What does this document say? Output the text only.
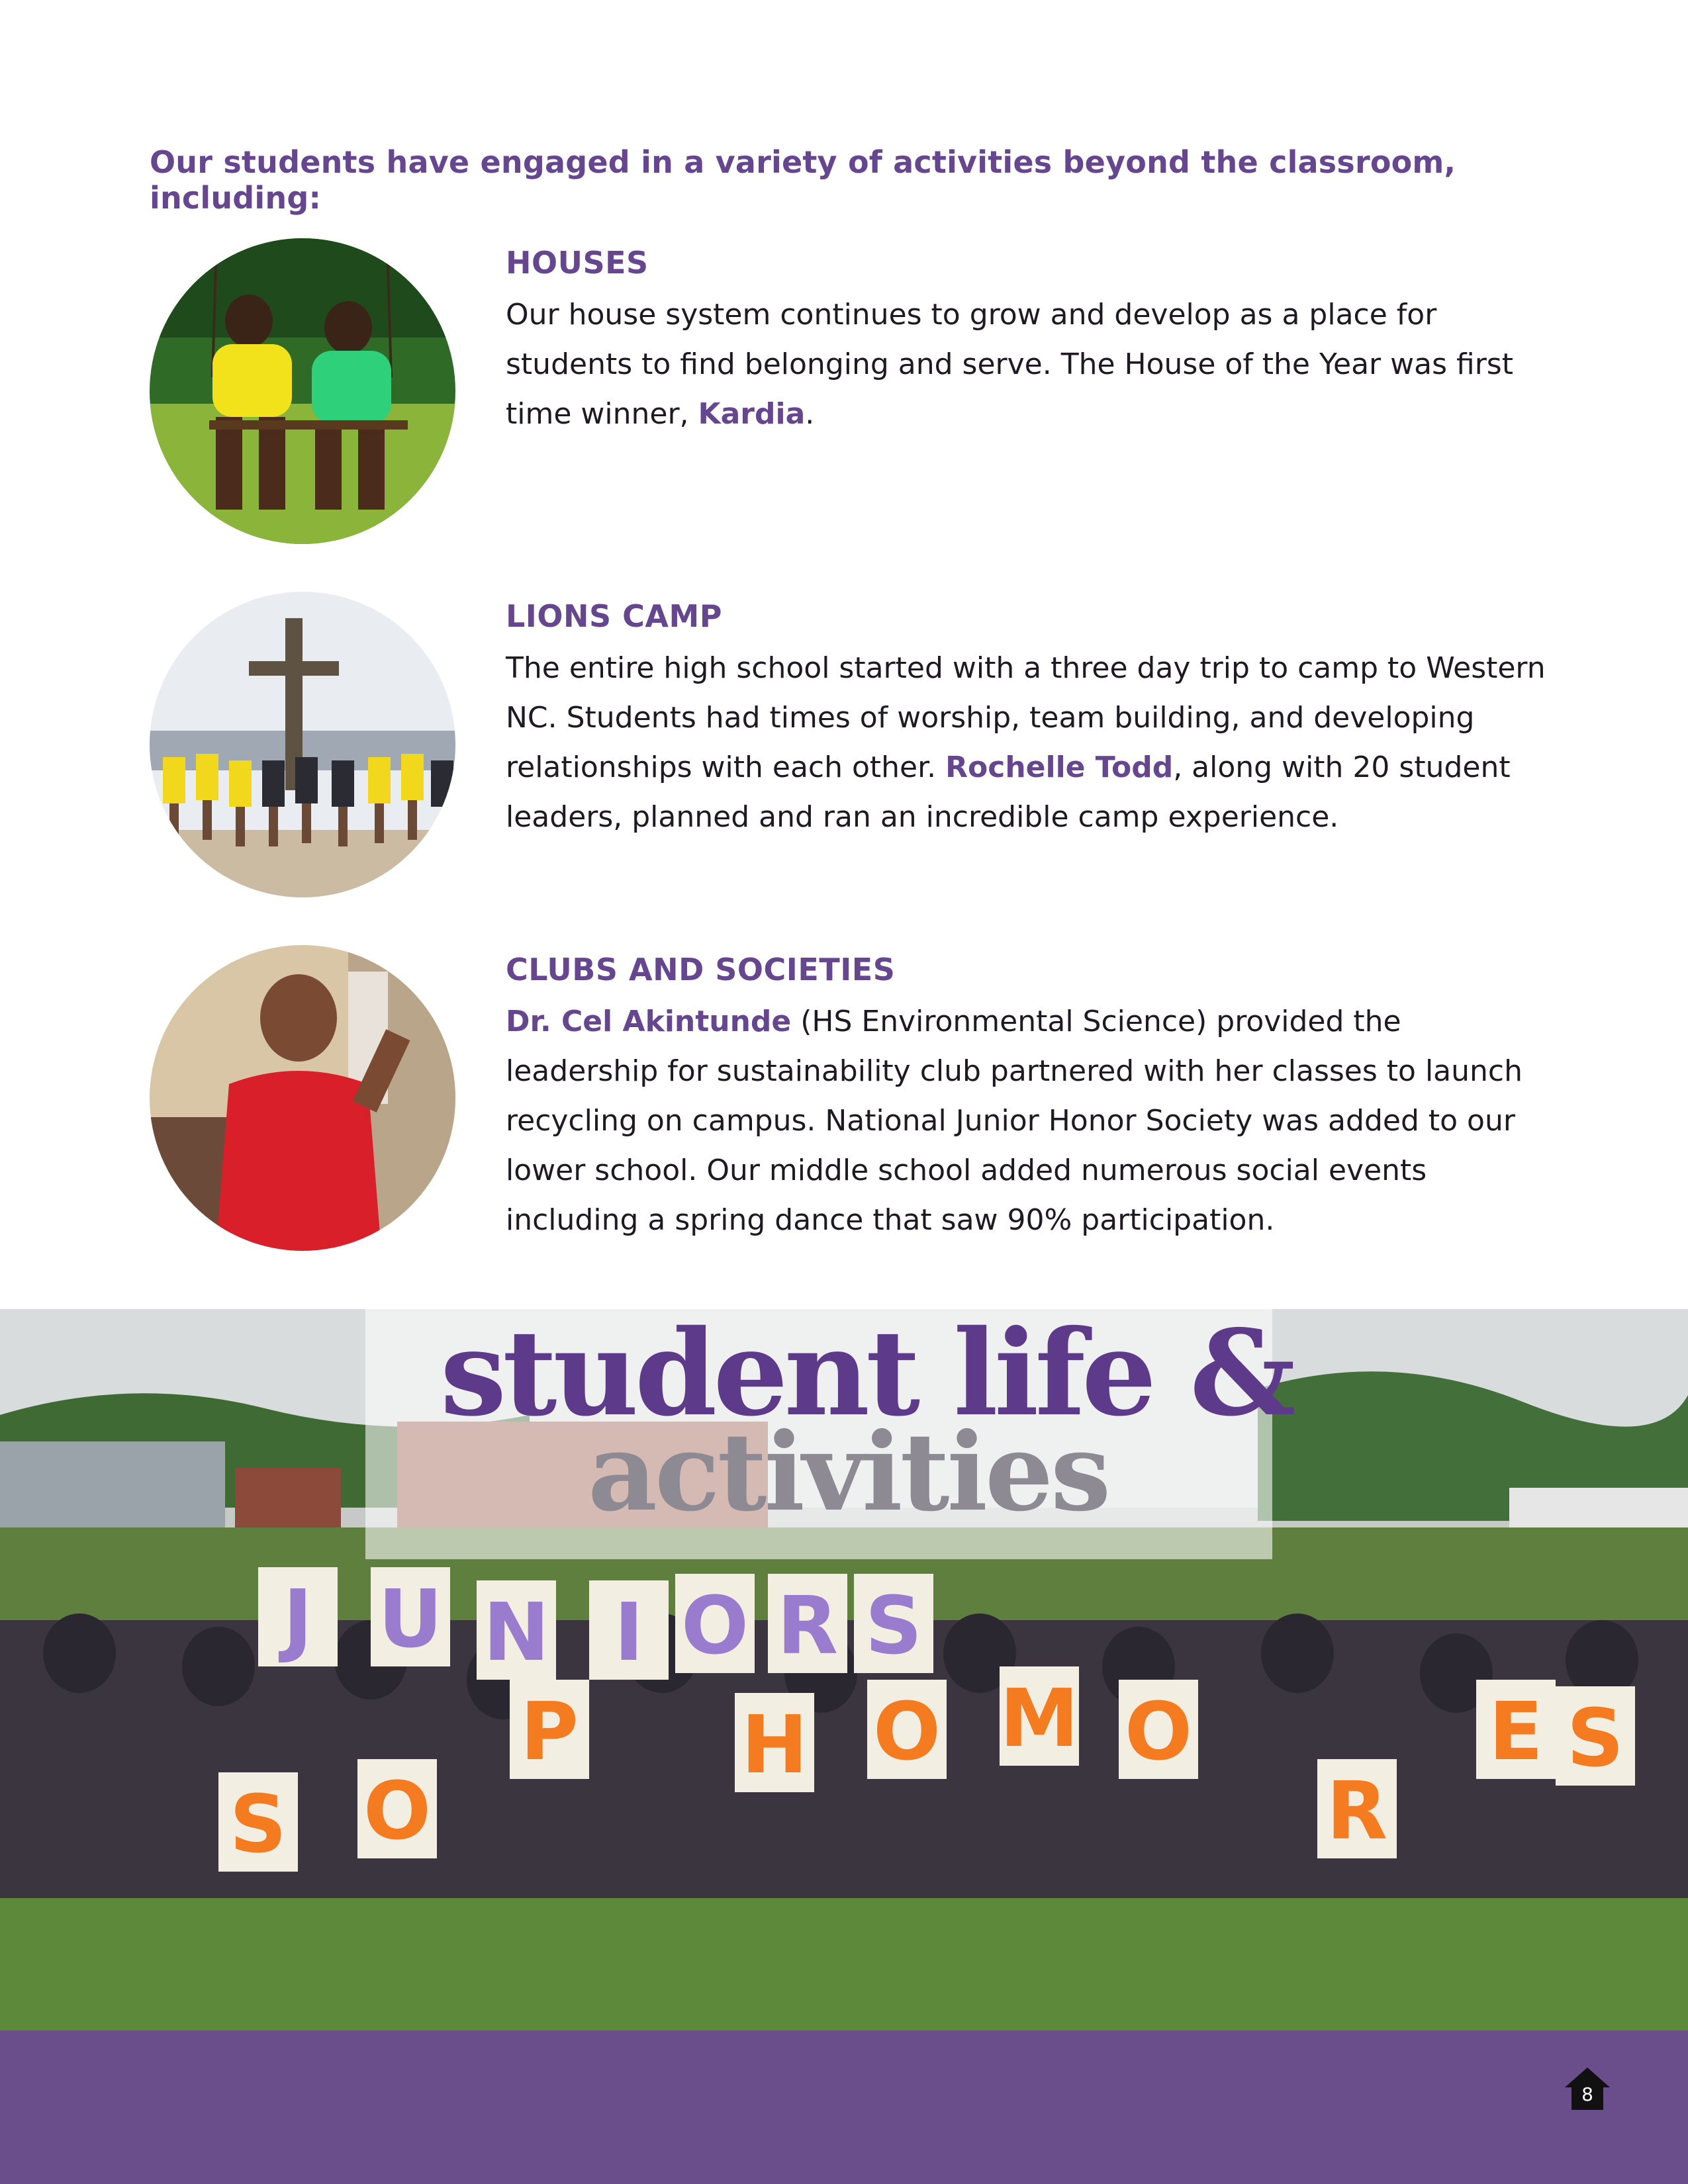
Our students have engaged in a variety of activities beyond the classroom, including:

HOUSES

Our house system continues to grow and develop as a place for students to find belonging and serve. The House of the Year was first time winner, Kardia.

LIONS CAMP

The entire high school started with a three day trip to camp to Western NC. Students had times of worship, team building, and developing relationships with each other. Rochelle Todd, along with 20 student leaders, planned and ran an incredible camp experience.

CLUBS AND SOCIETIES

Dr. Cel Akintunde (HS Environmental Science) provided the leadership for sustainability club partnered with her classes to launch recycling on campus. National Junior Honor Society was added to our lower school. Our middle school added numerous social events including a spring dance that saw 90% participation.

J U N I O R S
S O
P H O M O
R
E S
student life &
activities
8
